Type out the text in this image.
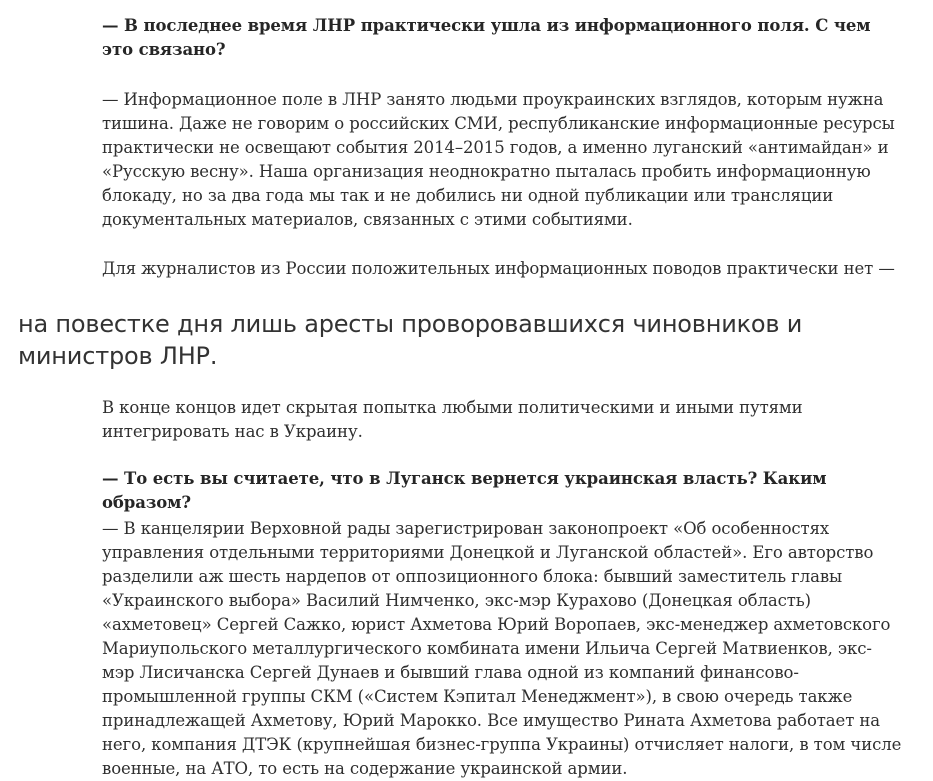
— В последнее время ЛНР практически ушла из информационного поля. С чем это связано?

— Информационное поле в ЛНР занято людьми проукраинских взглядов, которым нужна тишина. Даже не говорим о российских СМИ, республиканские информационные ресурсы практически не освещают события 2014–2015 годов, а именно луганский «антимайдан» и «Русскую весну». Наша организация неоднократно пыталась пробить информационную блокаду, но за два года мы так и не добились ни одной публикации или трансляции документальных материалов, связанных с этими событиями.

Для журналистов из России положительных информационных поводов практически нет —

на повестке дня лишь аресты проворовавшихся чиновников и министров ЛНР.

В конце концов идет скрытая попытка любыми политическими и иными путями интегрировать нас в Украину.

— То есть вы считаете, что в Луганск вернется украинская власть? Каким образом?

— В канцелярии Верховной рады зарегистрирован законопроект «Об особенностях управления отдельными территориями Донецкой и Луганской областей». Его авторство разделили аж шесть нардепов от оппозиционного блока: бывший заместитель главы «Украинского выбора» Василий Нимченко, экс-мэр Курахово (Донецкая область) «ахметовец» Сергей Сажко, юрист Ахметова Юрий Воропаев, экс-менеджер ахметовского Мариупольского металлургического комбината имени Ильича Сергей Матвиенков, экс-мэр Лисичанска Сергей Дунаев и бывший глава одной из компаний финансово-промышленной группы СКМ («Систем Кэпитал Менеджмент»), в свою очередь также принадлежащей Ахметову, Юрий Марокко. Все имущество Рината Ахметова работает на него, компания ДТЭК (крупнейшая бизнес-группа Украины) отчисляет налоги, в том числе военные, на АТО, то есть на содержание украинской армии.
